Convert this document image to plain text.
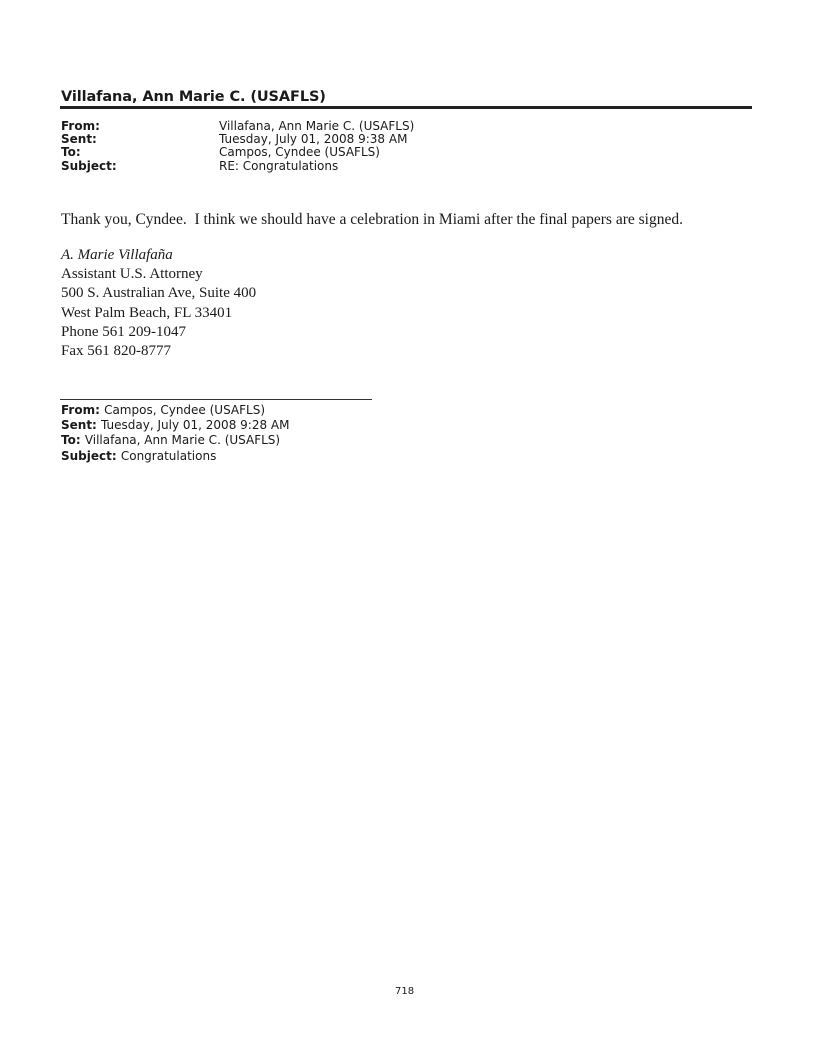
Villafana, Ann Marie C. (USAFLS)
From:	Villafana, Ann Marie C. (USAFLS)
Sent:	Tuesday, July 01, 2008 9:38 AM
To:	Campos, Cyndee (USAFLS)
Subject:	RE: Congratulations
Thank you, Cyndee.  I think we should have a celebration in Miami after the final papers are signed.
A. Marie Villafaña
Assistant U.S. Attorney
500 S. Australian Ave, Suite 400
West Palm Beach, FL 33401
Phone 561 209-1047
Fax 561 820-8777
From: Campos, Cyndee (USAFLS)
Sent: Tuesday, July 01, 2008 9:28 AM
To: Villafana, Ann Marie C. (USAFLS)
Subject: Congratulations
718
